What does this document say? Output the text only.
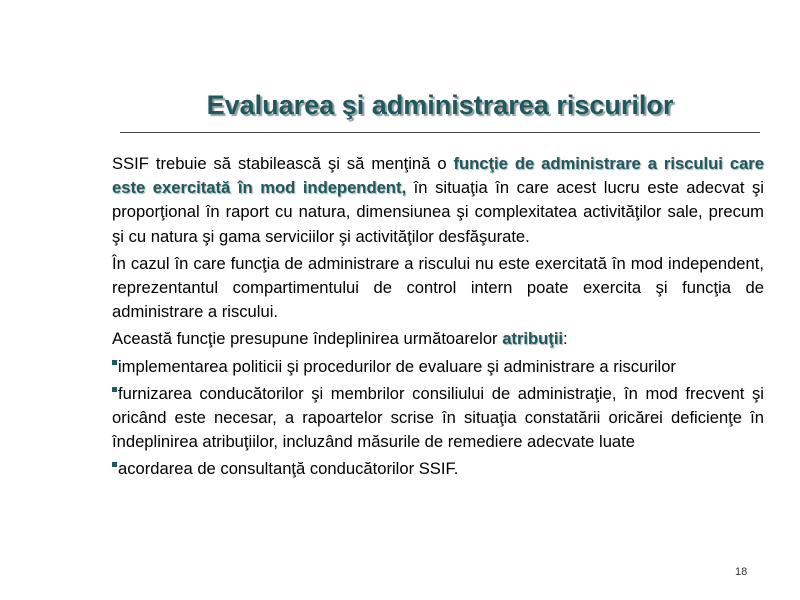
Evaluarea şi administrarea riscurilor

SSIF trebuie să stabilească şi să menţină o funcţie de administrare a riscului care este exercitată în mod independent, în situaţia în care acest lucru este adecvat şi proporţional în raport cu natura, dimensiunea şi complexitatea activităţilor sale, precum şi cu natura şi gama serviciilor şi activităţilor desfăşurate.

În cazul în care funcţia de administrare a riscului nu este exercitată în mod independent, reprezentantul compartimentului de control intern poate exercita şi funcţia de administrare a riscului.

Această funcţie presupune îndeplinirea următoarelor atribuţii:

implementarea politicii şi procedurilor de evaluare şi administrare a riscurilor
furnizarea conducătorilor şi membrilor consiliului de administraţie, în mod frecvent şi oricând este necesar, a rapoartelor scrise în situaţia constatării oricărei deficienţe în îndeplinirea atribuţiilor, incluzând măsurile de remediere adecvate luate
acordarea de consultanţă conducătorilor SSIF.
18
